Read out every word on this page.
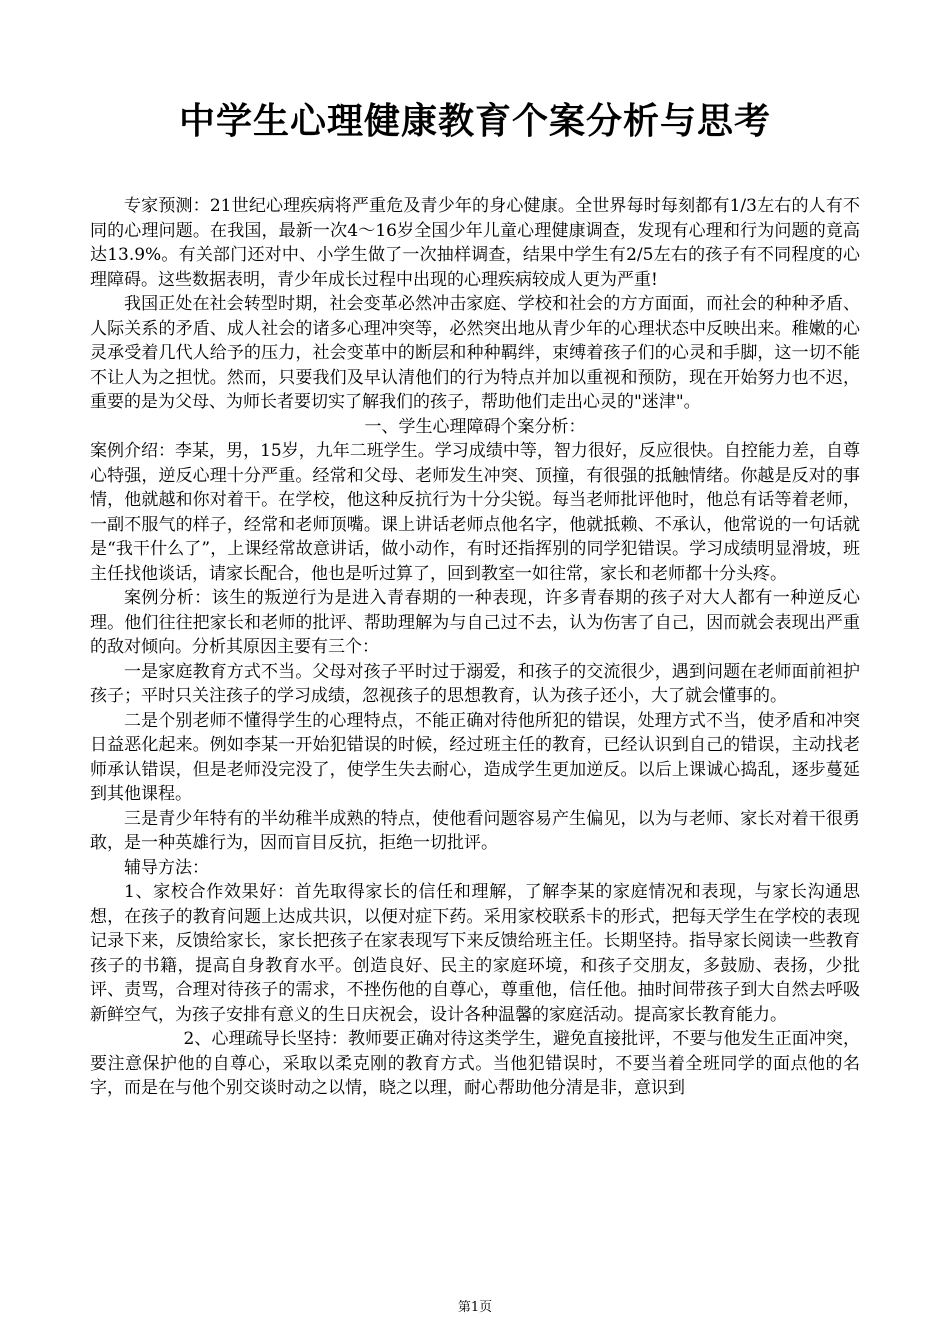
中学生心理健康教育个案分析与思考

专家预测：21世纪心理疾病将严重危及青少年的身心健康。全世界每时每刻都有1/3左右的人有不同的心理问题。在我国，最新一次4～16岁全国少年儿童心理健康调查，发现有心理和行为问题的竟高达13.9%。有关部门还对中、小学生做了一次抽样调查，结果中学生有2/5左右的孩子有不同程度的心理障碍。这些数据表明，青少年成长过程中出现的心理疾病较成人更为严重!

我国正处在社会转型时期，社会变革必然冲击家庭、学校和社会的方方面面，而社会的种种矛盾、人际关系的矛盾、成人社会的诸多心理冲突等，必然突出地从青少年的心理状态中反映出来。稚嫩的心灵承受着几代人给予的压力，社会变革中的断层和种种羁绊，束缚着孩子们的心灵和手脚，这一切不能不让人为之担忧。然而，只要我们及早认清他们的行为特点并加以重视和预防，现在开始努力也不迟，重要的是为父母、为师长者要切实了解我们的孩子，帮助他们走出心灵的"迷津"。

一、学生心理障碍个案分析：

案例介绍：李某，男，15岁，九年二班学生。学习成绩中等，智力很好，反应很快。自控能力差，自尊心特强，逆反心理十分严重。经常和父母、老师发生冲突、顶撞，有很强的抵触情绪。你越是反对的事情，他就越和你对着干。在学校，他这种反抗行为十分尖锐。每当老师批评他时，他总有话等着老师，一副不服气的样子，经常和老师顶嘴。课上讲话老师点他名字，他就抵赖、不承认，他常说的一句话就是“我干什么了”，上课经常故意讲话，做小动作，有时还指挥别的同学犯错误。学习成绩明显滑坡，班主任找他谈话，请家长配合，他也是听过算了，回到教室一如往常，家长和老师都十分头疼。

案例分析：该生的叛逆行为是进入青春期的一种表现，许多青春期的孩子对大人都有一种逆反心理。他们往往把家长和老师的批评、帮助理解为与自己过不去，认为伤害了自己，因而就会表现出严重的敌对倾向。分析其原因主要有三个：

一是家庭教育方式不当。父母对孩子平时过于溺爱，和孩子的交流很少，遇到问题在老师面前袒护孩子；平时只关注孩子的学习成绩，忽视孩子的思想教育，认为孩子还小，大了就会懂事的。

二是个别老师不懂得学生的心理特点，不能正确对待他所犯的错误，处理方式不当，使矛盾和冲突日益恶化起来。例如李某一开始犯错误的时候，经过班主任的教育，已经认识到自己的错误，主动找老师承认错误，但是老师没完没了，使学生失去耐心，造成学生更加逆反。以后上课诚心捣乱，逐步蔓延到其他课程。

三是青少年特有的半幼稚半成熟的特点，使他看问题容易产生偏见，以为与老师、家长对着干很勇敢，是一种英雄行为，因而盲目反抗，拒绝一切批评。

辅导方法：

1、家校合作效果好：首先取得家长的信任和理解，了解李某的家庭情况和表现，与家长沟通思想，在孩子的教育问题上达成共识，以便对症下药。采用家校联系卡的形式，把每天学生在学校的表现记录下来，反馈给家长，家长把孩子在家表现写下来反馈给班主任。长期坚持。指导家长阅读一些教育孩子的书籍，提高自身教育水平。创造良好、民主的家庭环境，和孩子交朋友，多鼓励、表扬，少批评、责骂，合理对待孩子的需求，不挫伤他的自尊心，尊重他，信任他。抽时间带孩子到大自然去呼吸新鲜空气，为孩子安排有意义的生日庆祝会，设计各种温馨的家庭活动。提高家长教育能力。

2、心理疏导长坚持：教师要正确对待这类学生，避免直接批评，不要与他发生正面冲突，要注意保护他的自尊心，采取以柔克刚的教育方式。当他犯错误时，不要当着全班同学的面点他的名字，而是在与他个别交谈时动之以情，晓之以理，耐心帮助他分清是非，意识到

第1页
